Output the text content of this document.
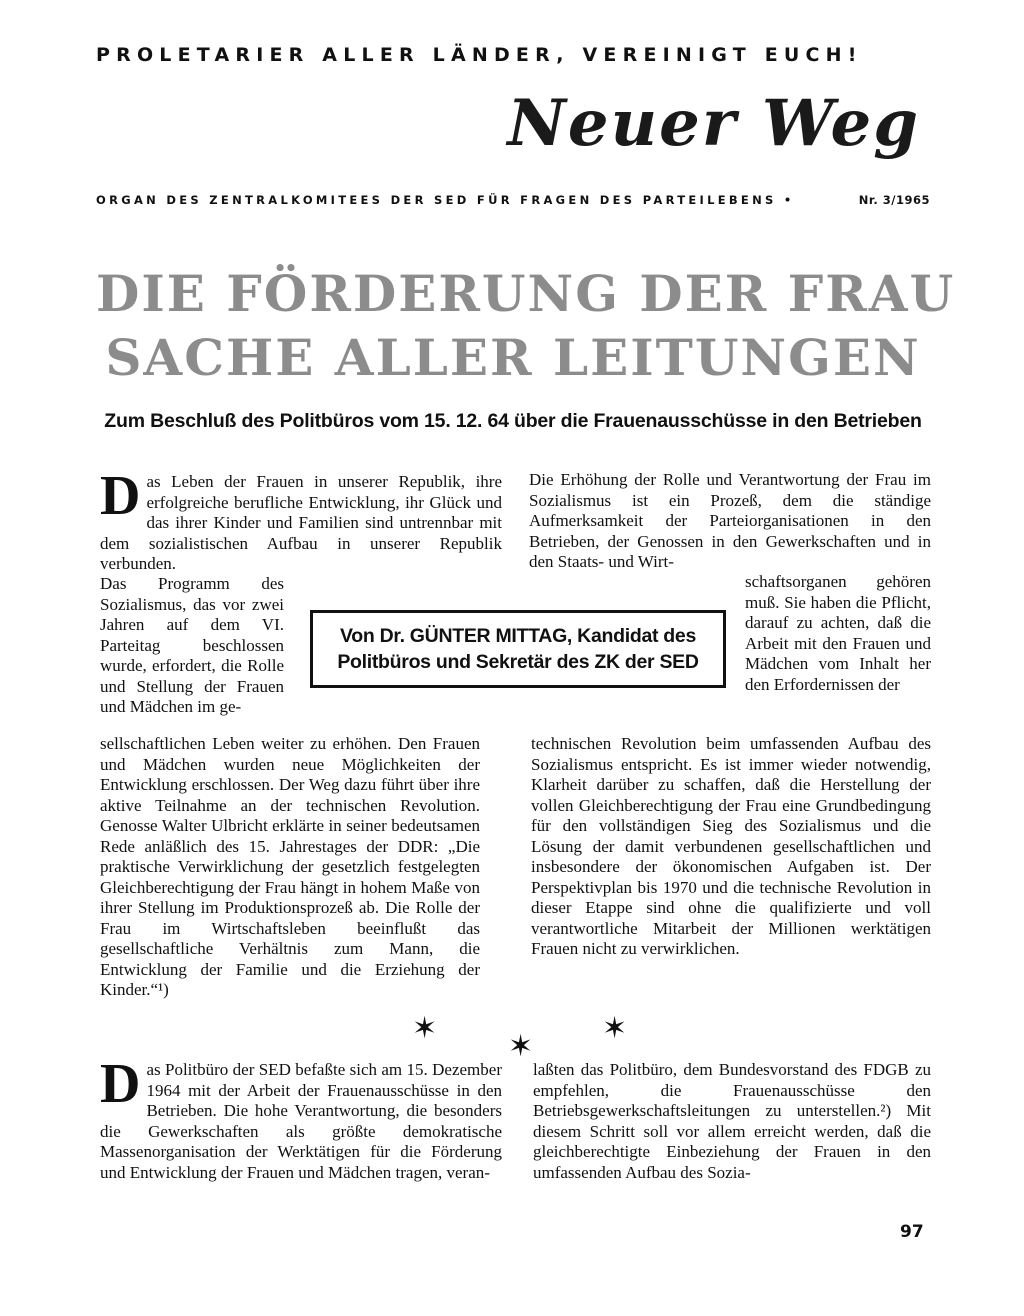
PROLETARIER ALLER LÄNDER, VEREINIGT EUCH!
Neuer Weg
ORGAN DES ZENTRALKOMITEES DER SED FÜR FRAGEN DES PARTEILEBENS •	Nr. 3/1965
DIE FÖRDERUNG DER FRAU
SACHE ALLER LEITUNGEN
Zum Beschluß des Politbüros vom 15. 12. 64 über die Frauenausschüsse in den Betrieben
D as Leben der Frauen in unserer Republik, ihre erfolgreiche berufliche Entwicklung, ihr Glück und das ihrer Kinder und Familien sind untrennbar mit dem sozialistischen Aufbau in unserer Republik verbunden.

Das Programm des Sozialismus, das vor zwei Jahren auf dem VI. Parteitag beschlossen wurde, erfordert, die Rolle und Stellung der Frauen und Mädchen im ge-

sellschaftlichen Leben weiter zu erhöhen. Den Frauen und Mädchen wurden neue Möglichkeiten der Entwicklung erschlossen. Der Weg dazu führt über ihre aktive Teilnahme an der technischen Revolution. Genosse Walter Ulbricht erklärte in seiner bedeutsamen Rede anläßlich des 15. Jahrestages der DDR: „Die praktische Verwirklichung der gesetzlich festgelegten Gleichberechtigung der Frau hängt in hohem Maße von ihrer Stellung im Produktionsprozeß ab. Die Rolle der Frau im Wirtschaftsleben beeinflußt das gesellschaftliche Verhältnis zum Mann, die Entwicklung der Familie und die Erziehung der Kinder.“¹)

Die Erhöhung der Rolle und Verantwortung der Frau im Sozialismus ist ein Prozeß, dem die ständige Aufmerksamkeit der Parteiorganisationen in den Betrieben, der Genossen in den Gewerkschaften und in den Staats- und Wirt-

schaftsorganen gehören muß. Sie haben die Pflicht, darauf zu achten, daß die Arbeit mit den Frauen und Mädchen vom Inhalt her den Erfordernissen der

technischen Revolution beim umfassenden Aufbau des Sozialismus entspricht. Es ist immer wieder notwendig, Klarheit darüber zu schaffen, daß die Herstellung der vollen Gleichberechtigung der Frau eine Grundbedingung für den vollständigen Sieg des Sozialismus und die Lösung der damit verbundenen gesellschaftlichen und insbesondere der ökonomischen Aufgaben ist. Der Perspektivplan bis 1970 und die technische Revolution in dieser Etappe sind ohne die qualifizierte und voll verantwortliche Mitarbeit der Millionen werktätigen Frauen nicht zu verwirklichen.

Von Dr. GÜNTER MITTAG, Kandidat des
Politbüros und Sekretär des ZK der SED
✶
✶
✶
D as Politbüro der SED befaßte sich am 15. Dezember 1964 mit der Arbeit der Frauenausschüsse in den Betrieben. Die hohe Verantwortung, die besonders die Gewerkschaften als größte demokratische Massenorganisation der Werktätigen für die Förderung und Entwicklung der Frauen und Mädchen tragen, veran-

laßten das Politbüro, dem Bundesvorstand des FDGB zu empfehlen, die Frauenausschüsse den Betriebsgewerkschaftsleitungen zu unterstellen.²) Mit diesem Schritt soll vor allem erreicht werden, daß die gleichberechtigte Einbeziehung der Frauen in den umfassenden Aufbau des Sozia-

97
